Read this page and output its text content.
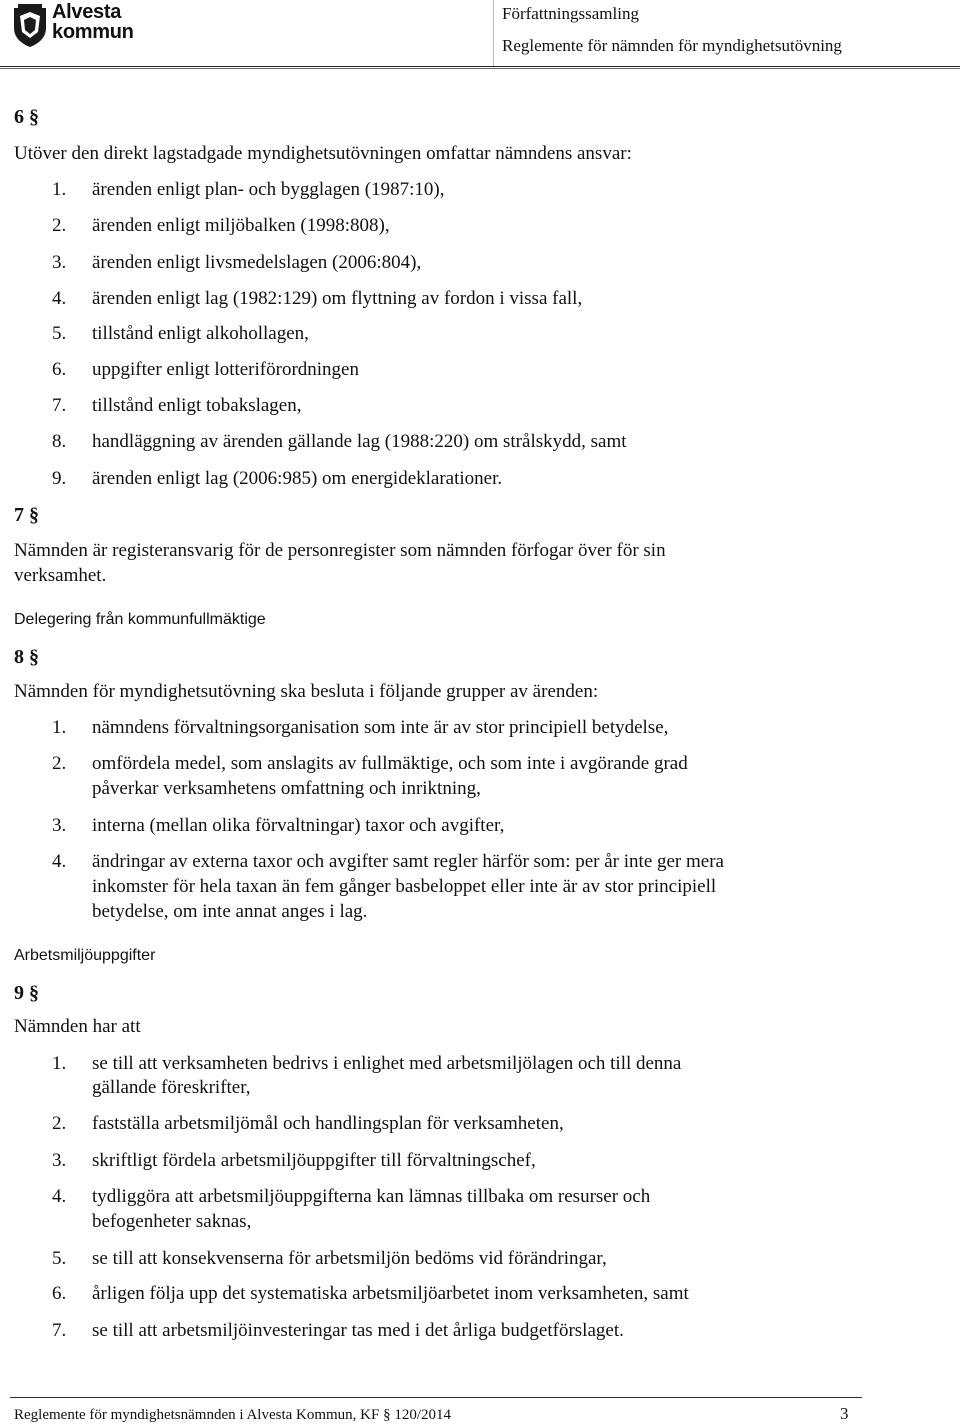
Alvesta
kommun
Författningssamling
Reglemente för nämnden för myndighetsutövning
6 §
Utöver den direkt lagstadgade myndighetsutövningen omfattar nämndens ansvar:
1. ärenden enligt plan- och bygglagen (1987:10),
2. ärenden enligt miljöbalken (1998:808),
3. ärenden enligt livsmedelslagen (2006:804),
4. ärenden enligt lag (1982:129) om flyttning av fordon i vissa fall,
5. tillstånd enligt alkohollagen,
6. uppgifter enligt lotteriförordningen
7. tillstånd enligt tobakslagen,
8. handläggning av ärenden gällande lag (1988:220) om strålskydd, samt
9. ärenden enligt lag (2006:985) om energideklarationer.
7 §
Nämnden är registeransvarig för de personregister som nämnden förfogar över för sin
verksamhet.
Delegering från kommunfullmäktige
8 §
Nämnden för myndighetsutövning ska besluta i följande grupper av ärenden:
1. nämndens förvaltningsorganisation som inte är av stor principiell betydelse,
2. omfördela medel, som anslagits av fullmäktige, och som inte i avgörande grad
påverkar verksamhetens omfattning och inriktning,
3. interna (mellan olika förvaltningar) taxor och avgifter,
4. ändringar av externa taxor och avgifter samt regler härför som: per år inte ger mera
inkomster för hela taxan än fem gånger basbeloppet eller inte är av stor principiell
betydelse, om inte annat anges i lag.
Arbetsmiljöuppgifter
9 §
Nämnden har att
1. se till att verksamheten bedrivs i enlighet med arbetsmiljölagen och till denna
gällande föreskrifter,
2. fastställa arbetsmiljömål och handlingsplan för verksamheten,
3. skriftligt fördela arbetsmiljöuppgifter till förvaltningschef,
4. tydliggöra att arbetsmiljöuppgifterna kan lämnas tillbaka om resurser och
befogenheter saknas,
5. se till att konsekvenserna för arbetsmiljön bedöms vid förändringar,
6. årligen följa upp det systematiska arbetsmiljöarbetet inom verksamheten, samt
7. se till att arbetsmiljöinvesteringar tas med i det årliga budgetförslaget.
Reglemente för myndighetsnämnden i Alvesta Kommun, KF § 120/2014	3
